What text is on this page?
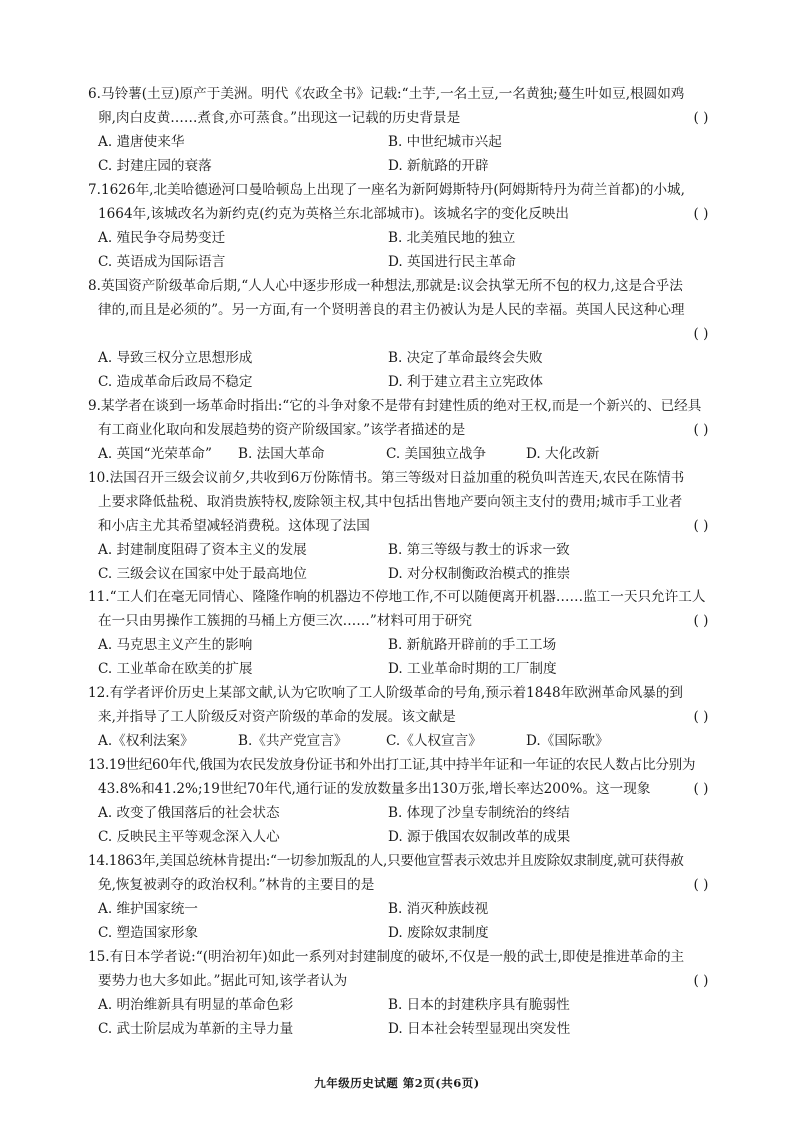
6.马铃薯(土豆)原产于美洲。明代《农政全书》记载:“土芋,一名土豆,一名黄独;蔓生叶如豆,根圆如鸡
卵,肉白皮黄……煮食,亦可蒸食。”出现这一记载的历史背景是	( )
A. 遣唐使来华	B. 中世纪城市兴起
C. 封建庄园的衰落	D. 新航路的开辟
7.1626年,北美哈德逊河口曼哈顿岛上出现了一座名为新阿姆斯特丹(阿姆斯特丹为荷兰首都)的小城,
1664年,该城改名为新约克(约克为英格兰东北部城市)。该城名字的变化反映出	( )
A. 殖民争夺局势变迁	B. 北美殖民地的独立
C. 英语成为国际语言	D. 英国进行民主革命
8.英国资产阶级革命后期,“人人心中逐步形成一种想法,那就是:议会执掌无所不包的权力,这是合乎法
律的,而且是必须的”。另一方面,有一个贤明善良的君主仍被认为是人民的幸福。英国人民这种心理
( )
A. 导致三权分立思想形成	B. 决定了革命最终会失败
C. 造成革命后政局不稳定	D. 利于建立君主立宪政体
9.某学者在谈到一场革命时指出:“它的斗争对象不是带有封建性质的绝对王权,而是一个新兴的、已经具
有工商业化取向和发展趋势的资产阶级国家。”该学者描述的是	( )
A. 英国“光荣革命”	B. 法国大革命	C. 美国独立战争	D. 大化改新
10.法国召开三级会议前夕,共收到6万份陈情书。第三等级对日益加重的税负叫苦连天,农民在陈情书
上要求降低盐税、取消贵族特权,废除领主权,其中包括出售地产要向领主支付的费用;城市手工业者
和小店主尤其希望减轻消费税。这体现了法国	( )
A. 封建制度阻碍了资本主义的发展	B. 第三等级与教士的诉求一致
C. 三级会议在国家中处于最高地位	D. 对分权制衡政治模式的推崇
11.“工人们在毫无同情心、隆隆作响的机器边不停地工作,不可以随便离开机器……监工一天只允许工人
在一只由男操作工簇拥的马桶上方便三次……”材料可用于研究	( )
A. 马克思主义产生的影响	B. 新航路开辟前的手工工场
C. 工业革命在欧美的扩展	D. 工业革命时期的工厂制度
12.有学者评价历史上某部文献,认为它吹响了工人阶级革命的号角,预示着1848年欧洲革命风暴的到
来,并指导了工人阶级反对资产阶级的革命的发展。该文献是	( )
A.《权利法案》	B.《共产党宣言》	C.《人权宣言》	D.《国际歌》
13.19世纪60年代,俄国为农民发放身份证书和外出打工证,其中持半年证和一年证的农民人数占比分别为
43.8%和41.2%;19世纪70年代,通行证的发放数量多出130万张,增长率达200%。这一现象	( )
A. 改变了俄国落后的社会状态	B. 体现了沙皇专制统治的终结
C. 反映民主平等观念深入人心	D. 源于俄国农奴制改革的成果
14.1863年,美国总统林肯提出:“一切参加叛乱的人,只要他宣誓表示效忠并且废除奴隶制度,就可获得赦
免,恢复被剥夺的政治权利。”林肯的主要目的是	( )
A. 维护国家统一	B. 消灭种族歧视
C. 塑造国家形象	D. 废除奴隶制度
15.有日本学者说:“(明治初年)如此一系列对封建制度的破坏,不仅是一般的武士,即使是推进革命的主
要势力也大多如此。”据此可知,该学者认为	( )
A. 明治维新具有明显的革命色彩	B. 日本的封建秩序具有脆弱性
C. 武士阶层成为革新的主导力量	D. 日本社会转型显现出突发性
九年级历史试题 第2页(共6页)
